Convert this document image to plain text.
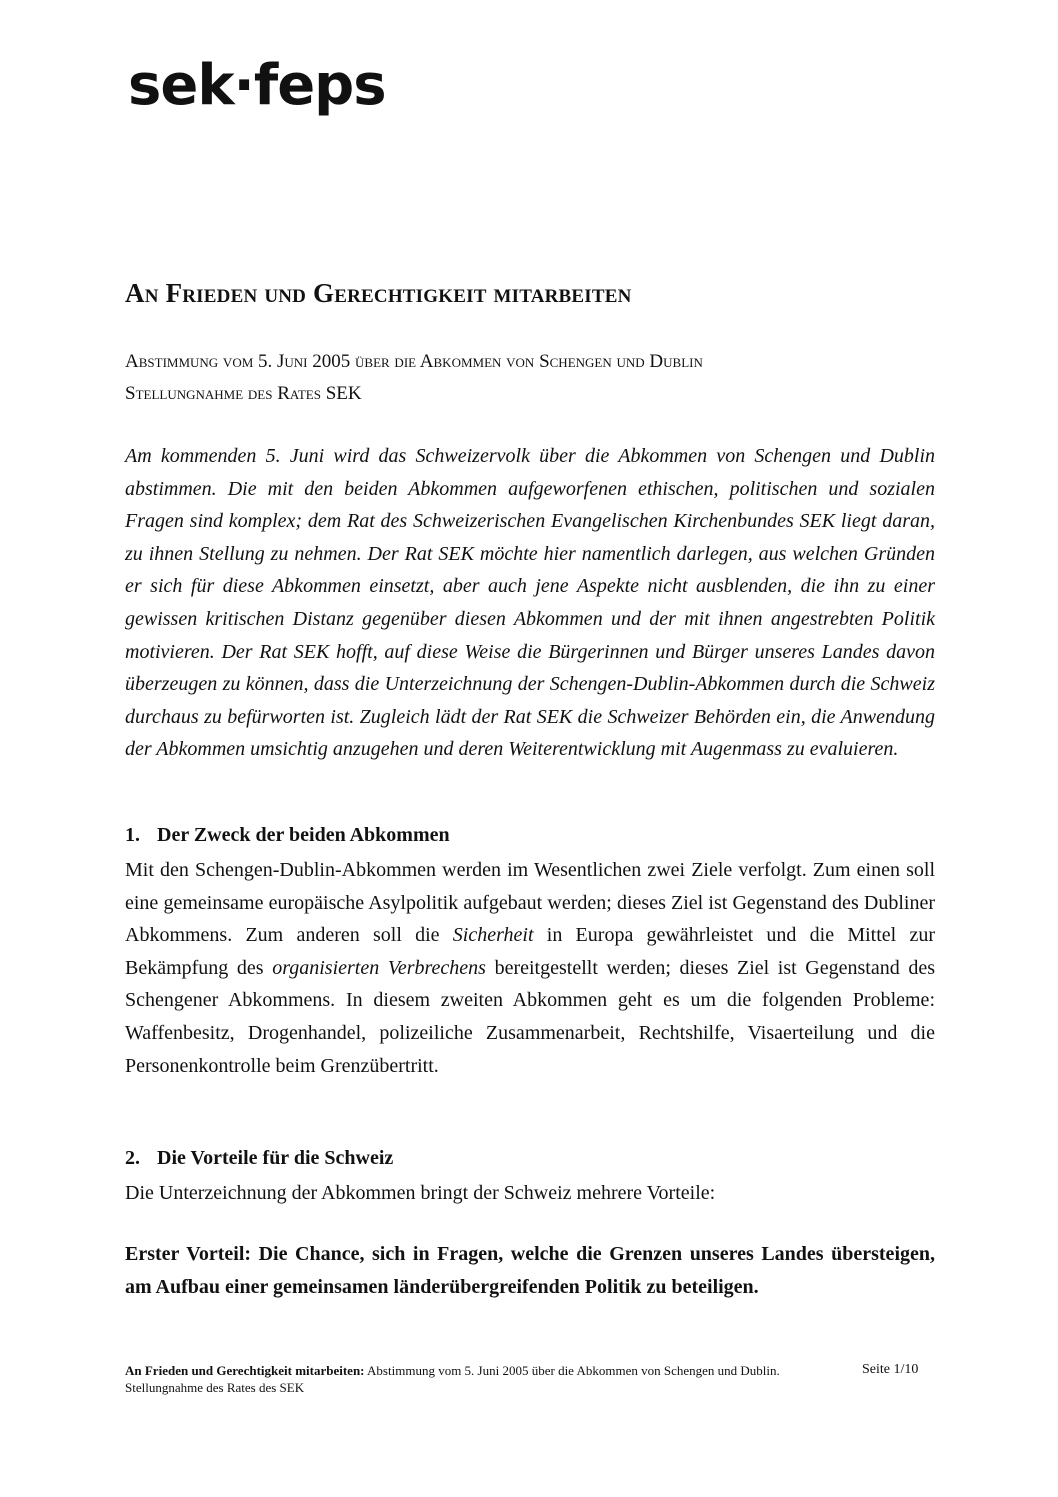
sek·feps
An Frieden und Gerechtigkeit mitarbeiten
Abstimmung vom 5. Juni 2005 über die Abkommen von Schengen und Dublin
Stellungnahme des Rates SEK

Am kommenden 5. Juni wird das Schweizervolk über die Abkommen von Schengen und Dublin abstimmen. Die mit den beiden Abkommen aufgeworfenen ethischen, politischen und sozialen Fragen sind komplex; dem Rat des Schweizerischen Evangelischen Kirchenbundes SEK liegt daran, zu ihnen Stellung zu nehmen. Der Rat SEK möchte hier namentlich darlegen, aus welchen Gründen er sich für diese Abkommen einsetzt, aber auch jene Aspekte nicht ausblenden, die ihn zu einer gewissen kritischen Distanz gegenüber diesen Abkommen und der mit ihnen angestrebten Politik motivieren. Der Rat SEK hofft, auf diese Weise die Bürgerinnen und Bürger unseres Landes davon überzeugen zu können, dass die Unterzeichnung der Schengen-Dublin-Abkommen durch die Schweiz durchaus zu befürworten ist. Zugleich lädt der Rat SEK die Schweizer Behörden ein, die Anwendung der Abkommen umsichtig anzugehen und deren Weiterentwicklung mit Augenmass zu evaluieren.

1. Der Zweck der beiden Abkommen

Mit den Schengen-Dublin-Abkommen werden im Wesentlichen zwei Ziele verfolgt. Zum einen soll eine gemeinsame europäische Asylpolitik aufgebaut werden; dieses Ziel ist Gegenstand des Dubliner Abkommens. Zum anderen soll die Sicherheit in Europa gewährleistet und die Mittel zur Bekämpfung des organisierten Verbrechens bereitgestellt werden; dieses Ziel ist Gegenstand des Schengener Abkommens. In diesem zweiten Abkommen geht es um die folgenden Probleme: Waffenbesitz, Drogenhandel, polizeiliche Zusammenarbeit, Rechtshilfe, Visaerteilung und die Personenkontrolle beim Grenzübertritt.

2. Die Vorteile für die Schweiz

Die Unterzeichnung der Abkommen bringt der Schweiz mehrere Vorteile:

Erster Vorteil: Die Chance, sich in Fragen, welche die Grenzen unseres Landes übersteigen, am Aufbau einer gemeinsamen länderübergreifenden Politik zu beteiligen.

An Frieden und Gerechtigkeit mitarbeiten: Abstimmung vom 5. Juni 2005 über die Abkommen von Schengen und Dublin. Stellungnahme des Rates des SEK
Seite 1/10
